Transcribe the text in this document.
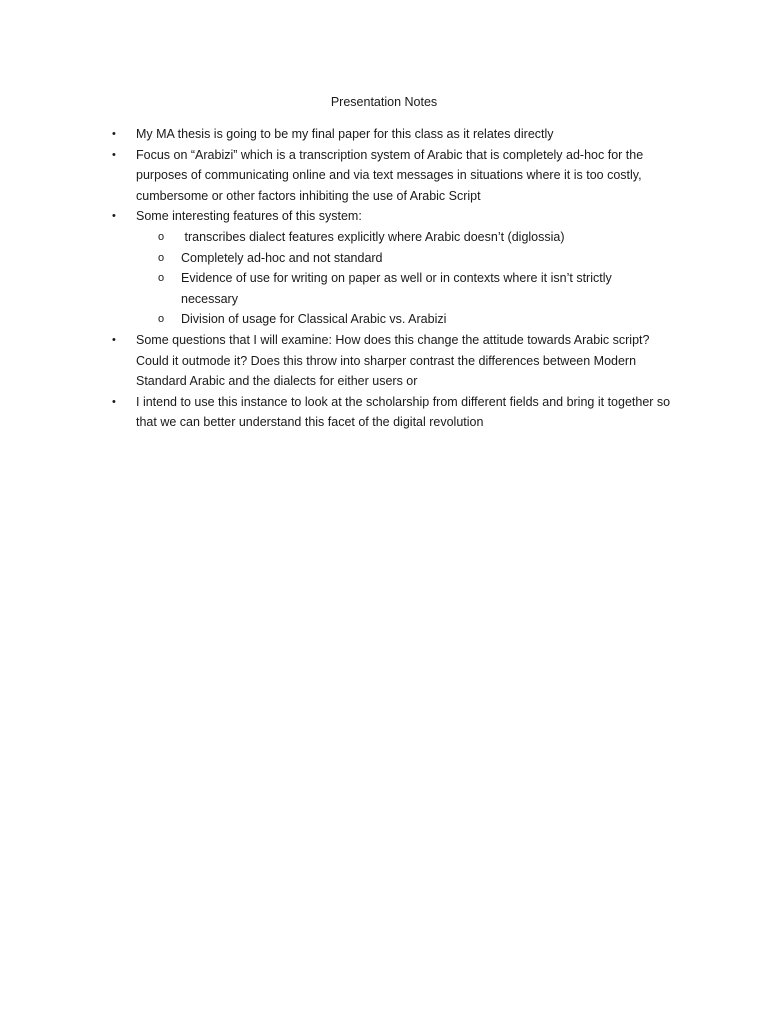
Presentation Notes
• My MA thesis is going to be my final paper for this class as it relates directly
• Focus on “Arabizi” which is a transcription system of Arabic that is completely ad-hoc for the purposes of communicating online and via text messages in situations where it is too costly, cumbersome or other factors inhibiting the use of Arabic Script
• Some interesting features of this system:
o transcribes dialect features explicitly where Arabic doesn’t (diglossia)
o Completely ad-hoc and not standard
o Evidence of use for writing on paper as well or in contexts where it isn’t strictly necessary
o Division of usage for Classical Arabic vs. Arabizi
• Some questions that I will examine: How does this change the attitude towards Arabic script? Could it outmode it? Does this throw into sharper contrast the differences between Modern Standard Arabic and the dialects for either users or
• I intend to use this instance to look at the scholarship from different fields and bring it together so that we can better understand this facet of the digital revolution
